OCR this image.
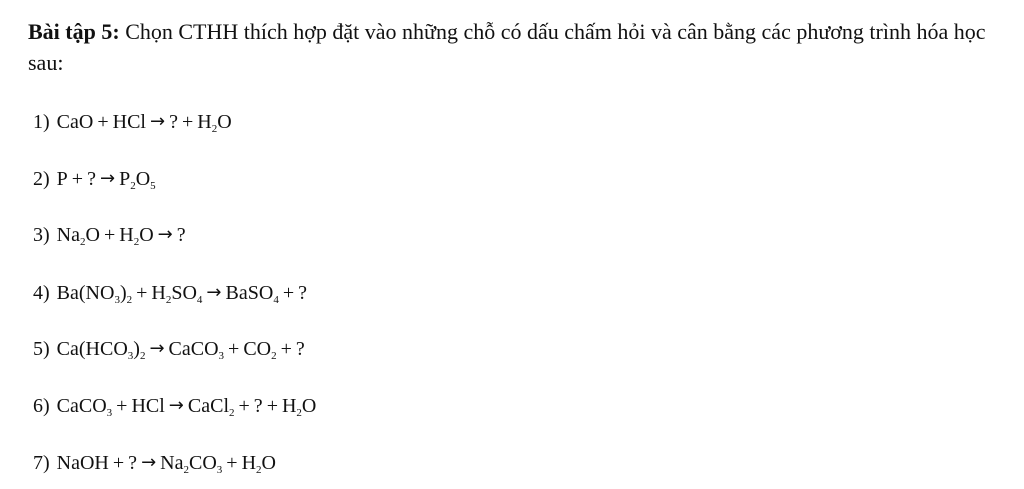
Bài tập 5: Chọn CTHH thích hợp đặt vào những chỗ có dấu chấm hỏi và cân bằng các phương trình hóa học sau:
1) CaO + HCl → ? + $H_2O$
2) P + ? → $P_2O_5$
3) $Na_2O + H_2O$ → ?
4) $Ba(NO_3)_2 + H_2SO_4$ → BaSO$_4$ + ?
5) $Ca(HCO_3)_2$ → CaCO$_3$ + $CO_2$ + ?
6) CaCO$_3$ + HCl → CaCl$_2$ + ? + $H_2O$
7) NaOH + ? → $Na_2CO_3 + H_2O$
